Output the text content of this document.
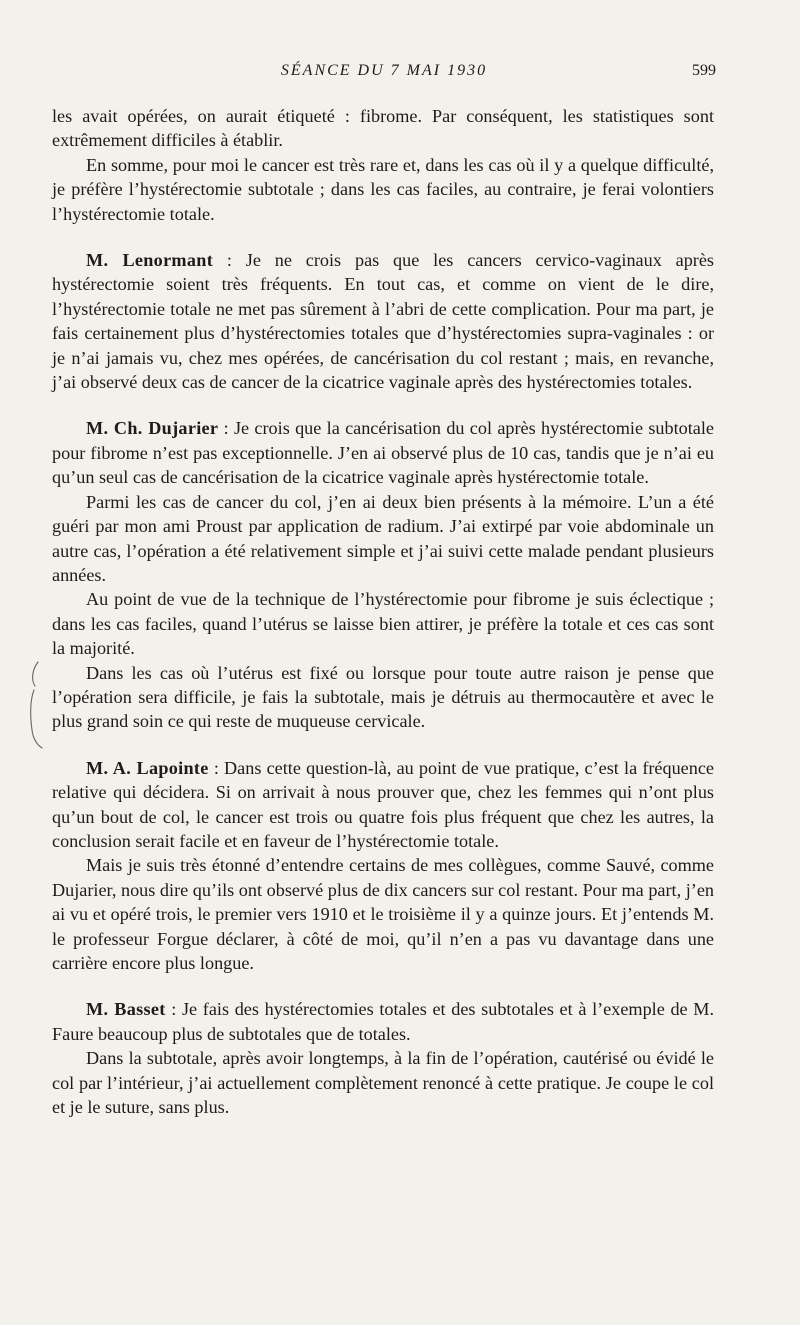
SÉANCE DU 7 MAI 1930	599

les avait opérées, on aurait étiqueté : fibrome. Par conséquent, les statistiques sont extrêmement difficiles à établir.

En somme, pour moi le cancer est très rare et, dans les cas où il y a quelque difficulté, je préfère l’hystérectomie subtotale ; dans les cas faciles, au contraire, je ferai volontiers l’hystérectomie totale.

M. Lenormant : Je ne crois pas que les cancers cervico-vaginaux après hystérectomie soient très fréquents. En tout cas, et comme on vient de le dire, l’hystérectomie totale ne met pas sûrement à l’abri de cette complication. Pour ma part, je fais certainement plus d’hystérectomies totales que d’hystérectomies supra-vaginales : or je n’ai jamais vu, chez mes opérées, de cancérisation du col restant ; mais, en revanche, j’ai observé deux cas de cancer de la cicatrice vaginale après des hystérectomies totales.

M. Ch. Dujarier : Je crois que la cancérisation du col après hystérectomie subtotale pour fibrome n’est pas exceptionnelle. J’en ai observé plus de 10 cas, tandis que je n’ai eu qu’un seul cas de cancérisation de la cicatrice vaginale après hystérectomie totale.

Parmi les cas de cancer du col, j’en ai deux bien présents à la mémoire. L’un a été guéri par mon ami Proust par application de radium. J’ai extirpé par voie abdominale un autre cas, l’opération a été relativement simple et j’ai suivi cette malade pendant plusieurs années.

Au point de vue de la technique de l’hystérectomie pour fibrome je suis éclectique ; dans les cas faciles, quand l’utérus se laisse bien attirer, je préfère la totale et ces cas sont la majorité.

Dans les cas où l’utérus est fixé ou lorsque pour toute autre raison je pense que l’opération sera difficile, je fais la subtotale, mais je détruis au thermocautère et avec le plus grand soin ce qui reste de muqueuse cervicale.

M. A. Lapointe : Dans cette question-là, au point de vue pratique, c’est la fréquence relative qui décidera. Si on arrivait à nous prouver que, chez les femmes qui n’ont plus qu’un bout de col, le cancer est trois ou quatre fois plus fréquent que chez les autres, la conclusion serait facile et en faveur de l’hystérectomie totale.

Mais je suis très étonné d’entendre certains de mes collègues, comme Sauvé, comme Dujarier, nous dire qu’ils ont observé plus de dix cancers sur col restant. Pour ma part, j’en ai vu et opéré trois, le premier vers 1910 et le troisième il y a quinze jours. Et j’entends M. le professeur Forgue déclarer, à côté de moi, qu’il n’en a pas vu davantage dans une carrière encore plus longue.

M. Basset : Je fais des hystérectomies totales et des subtotales et à l’exemple de M. Faure beaucoup plus de subtotales que de totales.

Dans la subtotale, après avoir longtemps, à la fin de l’opération, cautérisé ou évidé le col par l’intérieur, j’ai actuellement complètement renoncé à cette pratique. Je coupe le col et je le suture, sans plus.
